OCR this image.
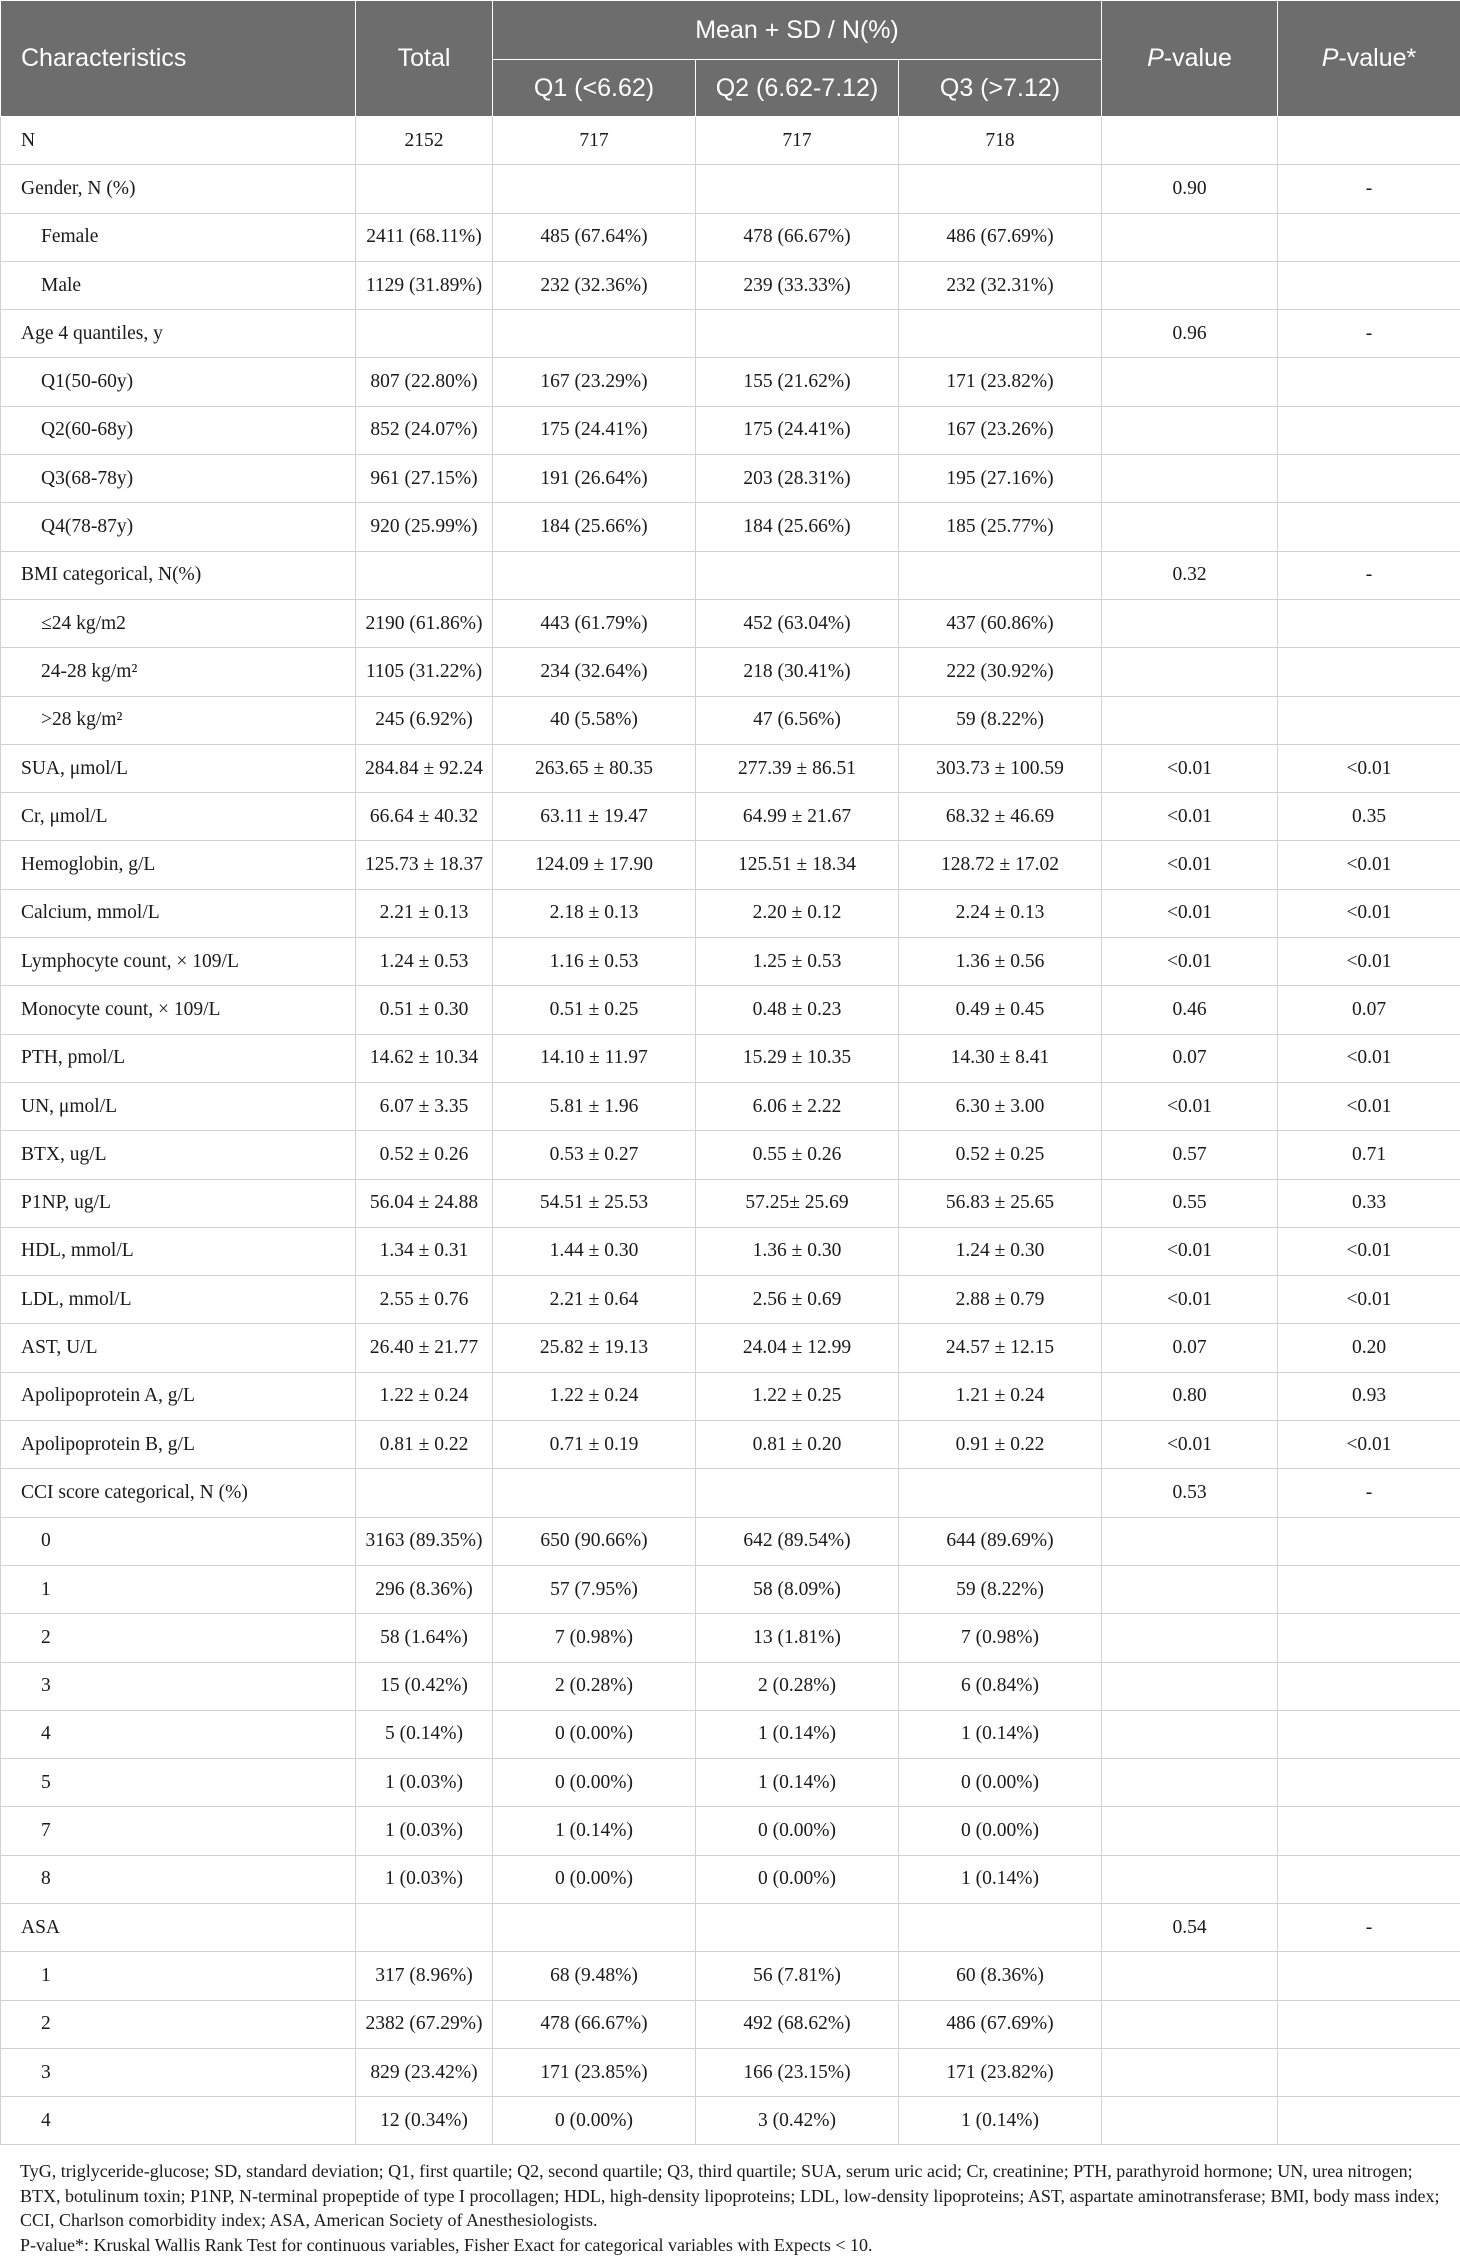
Characteristics	Total	Mean + SD / N(%)			P-value	P-value*
		Q1 (<6.62)	Q2 (6.62-7.12)	Q3 (>7.12)		
N	2152	717	717	718		
Gender, N (%)					0.90	-
Female	2411 (68.11%)	485 (67.64%)	478 (66.67%)	486 (67.69%)		
Male	1129 (31.89%)	232 (32.36%)	239 (33.33%)	232 (32.31%)		
Age 4 quantiles, y					0.96	-
Q1(50-60y)	807 (22.80%)	167 (23.29%)	155 (21.62%)	171 (23.82%)		
Q2(60-68y)	852 (24.07%)	175 (24.41%)	175 (24.41%)	167 (23.26%)		
Q3(68-78y)	961 (27.15%)	191 (26.64%)	203 (28.31%)	195 (27.16%)		
Q4(78-87y)	920 (25.99%)	184 (25.66%)	184 (25.66%)	185 (25.77%)		
BMI categorical, N(%)					0.32	-
≤24 kg/m2	2190 (61.86%)	443 (61.79%)	452 (63.04%)	437 (60.86%)		
24-28 kg/m²	1105 (31.22%)	234 (32.64%)	218 (30.41%)	222 (30.92%)		
>28 kg/m²	245 (6.92%)	40 (5.58%)	47 (6.56%)	59 (8.22%)		
SUA, μmol/L	284.84 ± 92.24	263.65 ± 80.35	277.39 ± 86.51	303.73 ± 100.59	<0.01	<0.01
Cr, μmol/L	66.64 ± 40.32	63.11 ± 19.47	64.99 ± 21.67	68.32 ± 46.69	<0.01	0.35
Hemoglobin, g/L	125.73 ± 18.37	124.09 ± 17.90	125.51 ± 18.34	128.72 ± 17.02	<0.01	<0.01
Calcium, mmol/L	2.21 ± 0.13	2.18 ± 0.13	2.20 ± 0.12	2.24 ± 0.13	<0.01	<0.01
Lymphocyte count, × 109/L	1.24 ± 0.53	1.16 ± 0.53	1.25 ± 0.53	1.36 ± 0.56	<0.01	<0.01
Monocyte count, × 109/L	0.51 ± 0.30	0.51 ± 0.25	0.48 ± 0.23	0.49 ± 0.45	0.46	0.07
PTH, pmol/L	14.62 ± 10.34	14.10 ± 11.97	15.29 ± 10.35	14.30 ± 8.41	0.07	<0.01
UN, μmol/L	6.07 ± 3.35	5.81 ± 1.96	6.06 ± 2.22	6.30 ± 3.00	<0.01	<0.01
BTX, ug/L	0.52 ± 0.26	0.53 ± 0.27	0.55 ± 0.26	0.52 ± 0.25	0.57	0.71
P1NP, ug/L	56.04 ± 24.88	54.51 ± 25.53	57.25± 25.69	56.83 ± 25.65	0.55	0.33
HDL, mmol/L	1.34 ± 0.31	1.44 ± 0.30	1.36 ± 0.30	1.24 ± 0.30	<0.01	<0.01
LDL, mmol/L	2.55 ± 0.76	2.21 ± 0.64	2.56 ± 0.69	2.88 ± 0.79	<0.01	<0.01
AST, U/L	26.40 ± 21.77	25.82 ± 19.13	24.04 ± 12.99	24.57 ± 12.15	0.07	0.20
Apolipoprotein A, g/L	1.22 ± 0.24	1.22 ± 0.24	1.22 ± 0.25	1.21 ± 0.24	0.80	0.93
Apolipoprotein B, g/L	0.81 ± 0.22	0.71 ± 0.19	0.81 ± 0.20	0.91 ± 0.22	<0.01	<0.01
CCI score categorical, N (%)					0.53	-
0	3163 (89.35%)	650 (90.66%)	642 (89.54%)	644 (89.69%)		
1	296 (8.36%)	57 (7.95%)	58 (8.09%)	59 (8.22%)		
2	58 (1.64%)	7 (0.98%)	13 (1.81%)	7 (0.98%)		
3	15 (0.42%)	2 (0.28%)	2 (0.28%)	6 (0.84%)		
4	5 (0.14%)	0 (0.00%)	1 (0.14%)	1 (0.14%)		
5	1 (0.03%)	0 (0.00%)	1 (0.14%)	0 (0.00%)		
7	1 (0.03%)	1 (0.14%)	0 (0.00%)	0 (0.00%)		
8	1 (0.03%)	0 (0.00%)	0 (0.00%)	1 (0.14%)		
ASA					0.54	-
1	317 (8.96%)	68 (9.48%)	56 (7.81%)	60 (8.36%)		
2	2382 (67.29%)	478 (66.67%)	492 (68.62%)	486 (67.69%)		
3	829 (23.42%)	171 (23.85%)	166 (23.15%)	171 (23.82%)		
4	12 (0.34%)	0 (0.00%)	3 (0.42%)	1 (0.14%)		

TyG, triglyceride-glucose; SD, standard deviation; Q1, first quartile; Q2, second quartile; Q3, third quartile; SUA, serum uric acid; Cr, creatinine; PTH, parathyroid hormone; UN, urea nitrogen; BTX, botulinum toxin; P1NP, N-terminal propeptide of type I procollagen; HDL, high-density lipoproteins; LDL, low-density lipoproteins; AST, aspartate aminotransferase; BMI, body mass index; CCI, Charlson comorbidity index; ASA, American Society of Anesthesiologists.

P-value*: Kruskal Wallis Rank Test for continuous variables, Fisher Exact for categorical variables with Expects < 10.
